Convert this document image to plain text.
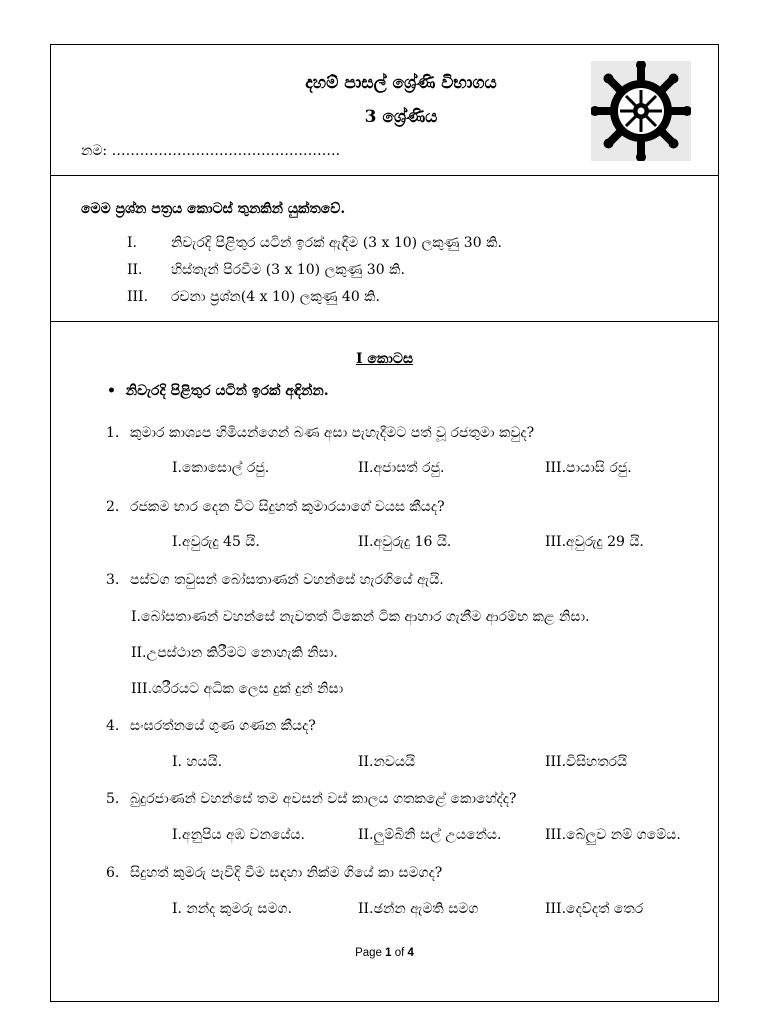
දහම් පාසල් ශ්‍රේණි විභාගය
3 ශ්‍රේණිය
නම: ………………………………………….
මෙම ප්‍රශ්න පත්‍රය කොටස් තුනකින් යුක්තවේ.
I. නිවැරදි පිළිතුර යටින් ඉරක් ඇඳීම (3 x 10) ලකුණු 30 කි.
II. හිස්තැන් පිරවීම (3 x 10) ලකුණු 30 කි.
III. රචනා ප්‍රශ්න(4 x 10) ලකුණු 40 කි.
I කොටස
•  නිවැරදි පිළිතුර යටින් ඉරක් අඳින්න.
1. කුමාර කාශ්‍යප හිමියන්ගෙන් බණ අසා පැහැදීමට පත් වූ රජතුමා කවුද?
I.කොසොල් රජු.	II.අජාසත් රජු.	III.පායාසි රජු.
2. රජකම භාර දෙන විට සිදුහත් කුමාරයාගේ වයස කීයද?
I.අවුරුදු 45 යි.	II.අවුරුදු 16 යි.	III.අවුරුදු 29 යි.
3. පස්වග තවුසන් බෝසතාණන් වහන්සේ හැරගියේ ඇයි.
I.බෝසතාණන් වහන්සේ නැවතත් ටිකෙන් ටික ආහාර ගැනීම ආරම්භ කළ නිසා.
II.උපස්ථාන කිරීමට නොහැකි නිසා.
III.ශරීරයට අධික ලෙස දුක් දුන් නිසා
4. සංඝරත්නයේ ගුණ ගණන කීයද?
I. හයයි.	II.නවයයි	III.විසිහතරයි
5. බුදුරජාණන් වහන්සේ තම අවසන් වස් කාලය ගතකළේ කොහේද්ද?
I.අනුපිය අඹ වනයේය.	II.ලුම්බිනි සල් උයනේය.	III.බේලුව නම් ගමේය.
6. සිදුහත් කුමරු පැවිදි වීම සඳහා නික්ම ගියේ කා සමගද?
I. නන්ද කුමරු සමග.	II.ඡන්න ඇමති සමග	III.දෙව්දත් තෙර
Page 1 of 4
